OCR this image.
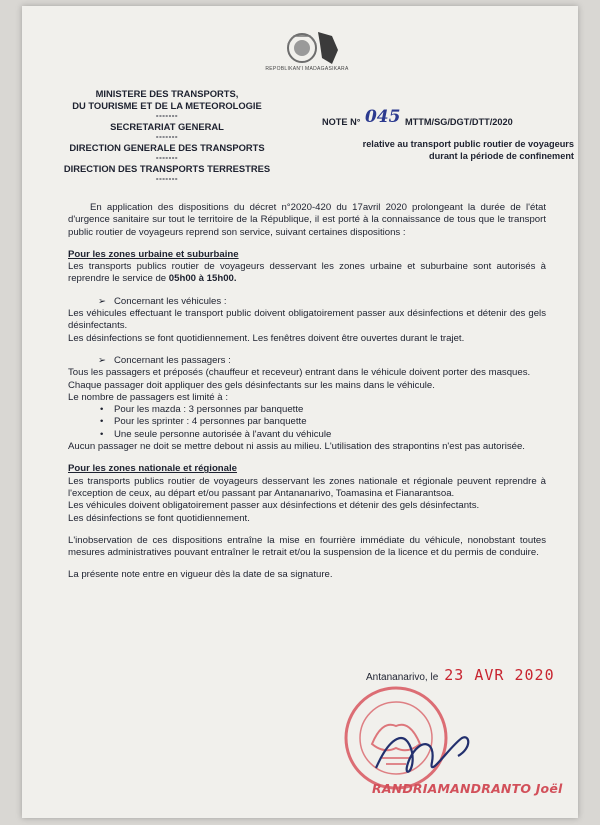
REPOBLIKAN'I MADAGASIKARA
MINISTERE DES TRANSPORTS,
DU TOURISME ET DE LA METEOROLOGIE
-------
SECRETARIAT GENERAL
-------
DIRECTION GENERALE DES TRANSPORTS
-------
DIRECTION DES TRANSPORTS TERRESTRES
-------
NOTE N° 045 MTTM/SG/DGT/DTT/2020
relative au transport public routier de voyageurs
durant la période de confinement

En application des dispositions du décret n°2020-420 du 17avril 2020 prolongeant la durée de l'état d'urgence sanitaire sur tout le territoire de la République, il est porté à la connaissance de tous que le transport public routier de voyageurs reprend son service, suivant certaines dispositions :

Pour les zones urbaine et suburbaine

Les transports publics routier de voyageurs desservant les zones urbaine et suburbaine sont autorisés à reprendre le service de 05h00 à 15h00.

➢ Concernant les véhicules :

Les véhicules effectuant le transport public doivent obligatoirement passer aux désinfections et détenir des gels désinfectants.

Les désinfections se font quotidiennement. Les fenêtres doivent être ouvertes durant le trajet.

➢ Concernant les passagers :

Tous les passagers et préposés (chauffeur et receveur) entrant dans le véhicule doivent porter des masques.

Chaque passager doit appliquer des gels désinfectants sur les mains dans le véhicule.

Le nombre de passagers est limité à :

• Pour les mazda : 3 personnes par banquette

• Pour les sprinter : 4 personnes par banquette

• Une seule personne autorisée à l'avant du véhicule

Aucun passager ne doit se mettre debout ni assis au milieu. L'utilisation des strapontins n'est pas autorisée.

Pour les zones nationale et régionale

Les transports publics routier de voyageurs desservant les zones nationale et régionale peuvent reprendre à l'exception de ceux, au départ et/ou passant par Antananarivo, Toamasina et Fianarantsoa.

Les véhicules doivent obligatoirement passer aux désinfections et détenir des gels désinfectants.

Les désinfections se font quotidiennement.

L'inobservation de ces dispositions entraîne la mise en fourrière immédiate du véhicule, nonobstant toutes mesures administratives pouvant entraîner le retrait et/ou la suspension de la licence et du permis de conduire.

La présente note entre en vigueur dès la date de sa signature.

Antananarivo, le 23 AVR 2020
RANDRIAMANDRANTO Joël
